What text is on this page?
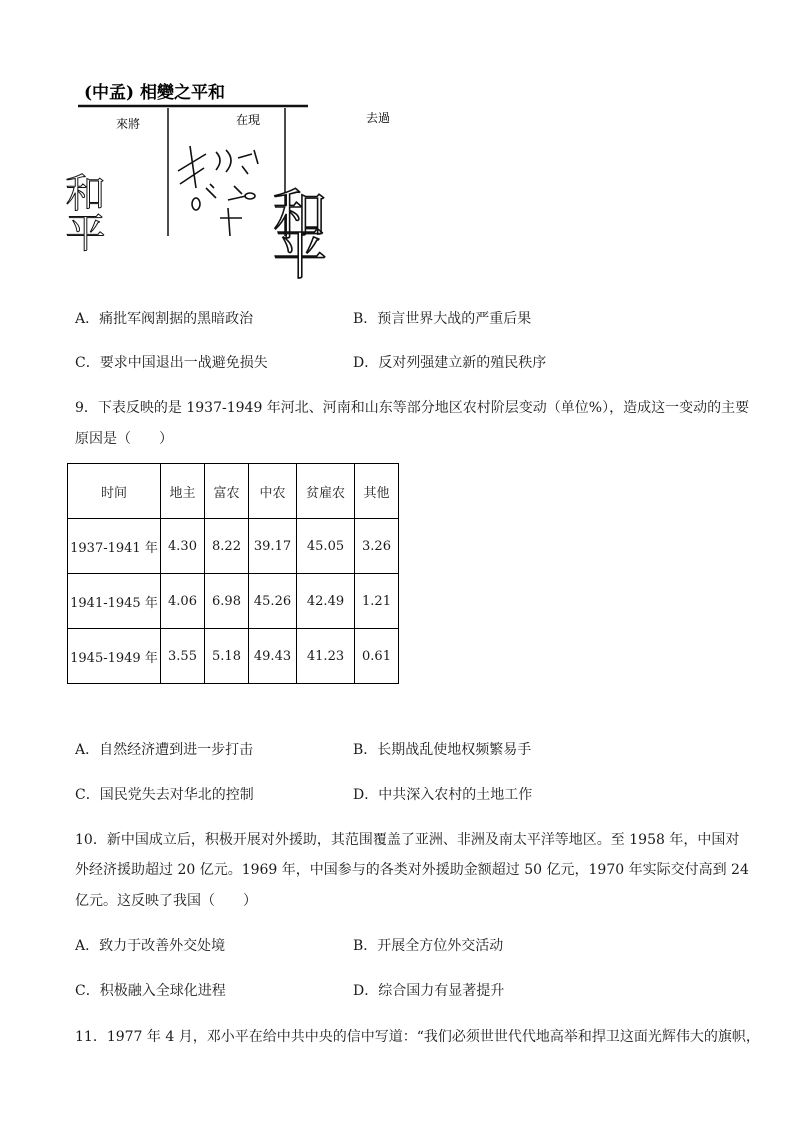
(中孟) 相變之平和
來將	在現	去過
和平	和平
A．痛批军阀割据的黑暗政治	B．预言世界大战的严重后果
C．要求中国退出一战避免损失	D．反对列强建立新的殖民秩序
9．下表反映的是 1937-1949 年河北、河南和山东等部分地区农村阶层变动（单位%），造成这一变动的主要
原因是（　　）
时间	地主	富农	中农	贫雇农	其他
1937-1941 年	4.30	8.22	39.17	45.05	3.26
1941-1945 年	4.06	6.98	45.26	42.49	1.21
1945-1949 年	3.55	5.18	49.43	41.23	0.61
A．自然经济遭到进一步打击	B．长期战乱使地权频繁易手
C．国民党失去对华北的控制	D．中共深入农村的土地工作
10．新中国成立后，积极开展对外援助，其范围覆盖了亚洲、非洲及南太平洋等地区。至 1958 年，中国对
外经济援助超过 20 亿元。1969 年，中国参与的各类对外援助金额超过 50 亿元，1970 年实际交付高到 24
亿元。这反映了我国（　　）
A．致力于改善外交处境	B．开展全方位外交活动
C．积极融入全球化进程	D．综合国力有显著提升
11．1977 年 4 月，邓小平在给中共中央的信中写道：“我们必须世世代代地高举和捍卫这面光辉伟大的旗帜，
